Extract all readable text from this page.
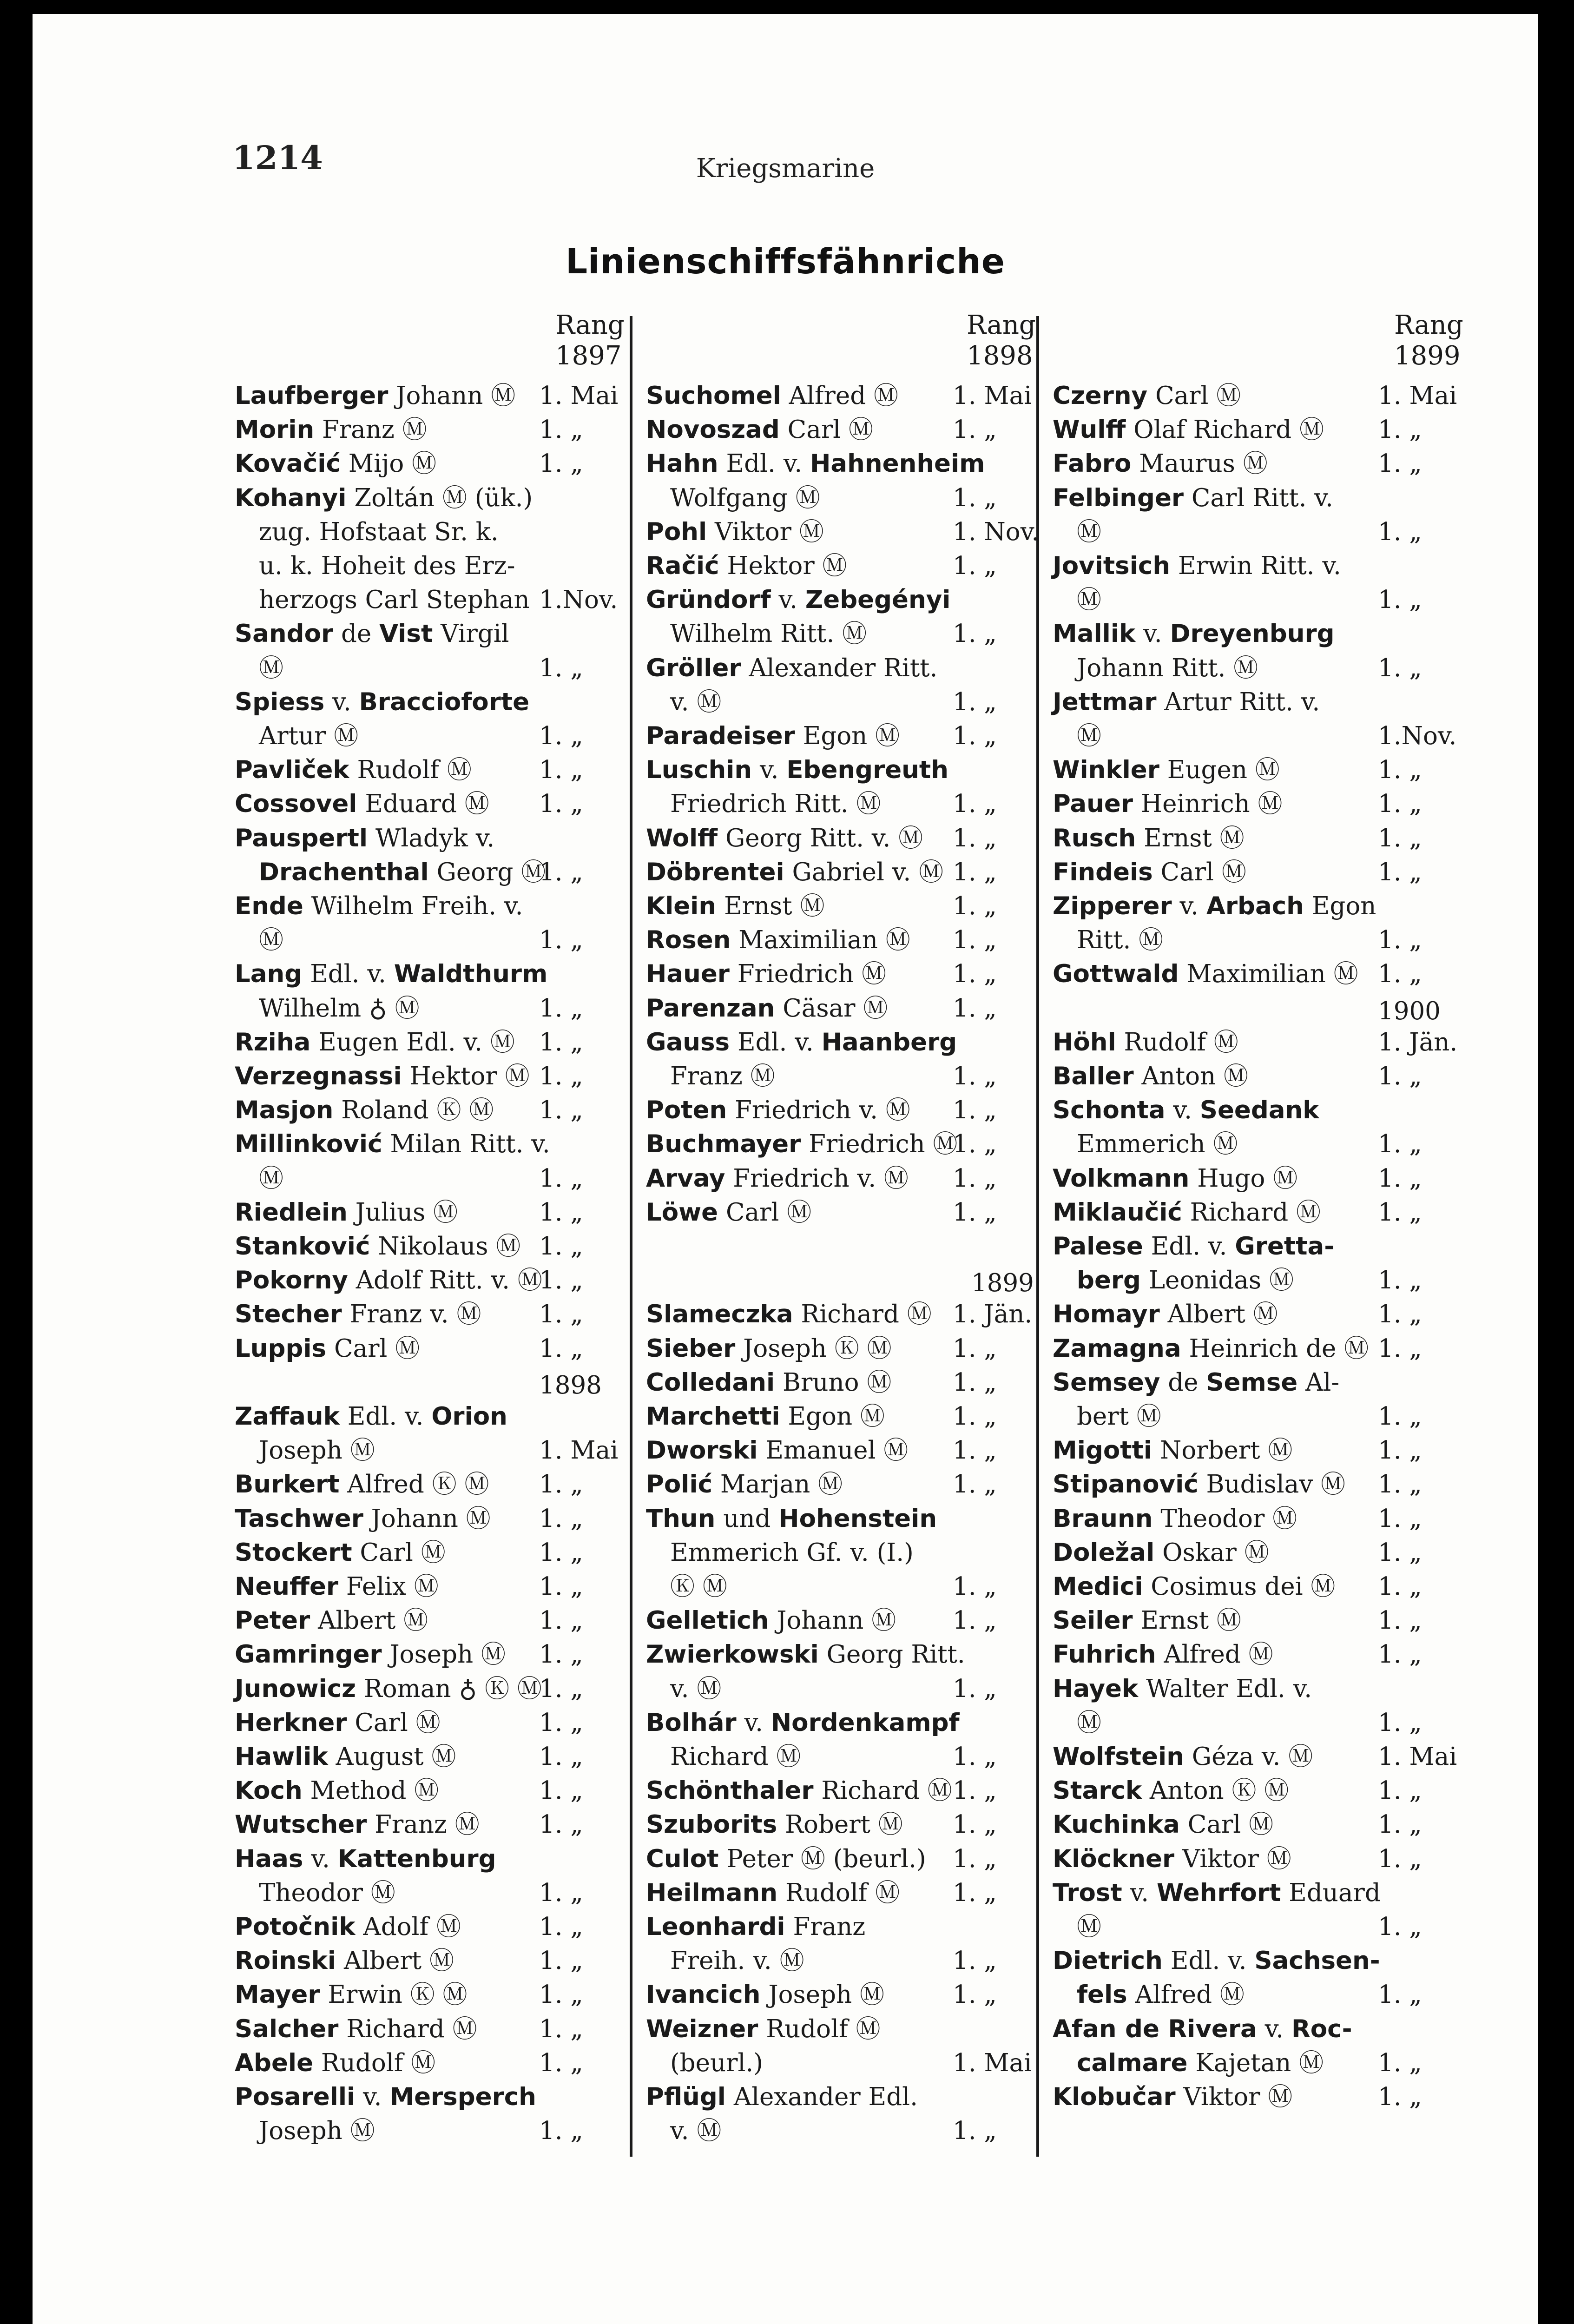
1214	Kriegsmarine
Linienschiffsfähnriche
Rang
1897
Laufberger Johann Ⓜ 1. Mai
Morin Franz Ⓜ	1. „
Kovačić Mijo Ⓜ	1. „
Kohanyi Zoltán Ⓜ (ük.)
zug. Hofstaat Sr. k.
u. k. Hoheit des Erz-
herzogs Carl Stephan 1.Nov.
Sandor de Vist Virgil
Ⓜ	1. „
Spiess v. Braccioforte
Artur Ⓜ	1. „
Pavliček Rudolf Ⓜ	1. „
Cossovel Eduard Ⓜ 1. „
Pauspertl Wladyk v.
Drachenthal Georg Ⓜ
1. „
Ende Wilhelm Freih. v.
Ⓜ	1. „
Lang Edl. v. Waldthurm
Wilhelm ♁ Ⓜ	1. „
Rziha Eugen Edl. v. Ⓜ 1. „
Verzegnassi Hektor Ⓜ 1. „
Masjon Roland Ⓚ Ⓜ 1. „
Millinković Milan Ritt. v.
Ⓜ	1. „
Riedlein Julius Ⓜ	1. „
Stanković Nikolaus Ⓜ 1. „
Pokorny Adolf Ritt. v. Ⓜ
1. „
Stecher Franz v. Ⓜ 1. „
Luppis Carl Ⓜ	1. „
1898
Zaffauk Edl. v. Orion
Joseph Ⓜ	1. Mai
Burkert Alfred Ⓚ Ⓜ 1. „
Taschwer Johann Ⓜ 1. „
Stockert Carl Ⓜ	1. „
Neuffer Felix Ⓜ	1. „
Peter Albert Ⓜ	1. „
Gamringer Joseph Ⓜ 1. „
Junowicz Roman ♁ Ⓚ Ⓜ
1. „
Herkner Carl Ⓜ	1. „
Hawlik August Ⓜ	1. „
Koch Method Ⓜ	1. „
Wutscher Franz Ⓜ 1. „
Haas v. Kattenburg
Theodor Ⓜ	1. „
Potočnik Adolf Ⓜ	1. „
Roinski Albert Ⓜ	1. „
Mayer Erwin Ⓚ Ⓜ	1. „
Salcher Richard Ⓜ	1. „
Abele Rudolf Ⓜ	1. „
Posarelli v. Mersperch
Joseph Ⓜ	1. „
Rang
1898
Suchomel Alfred Ⓜ 1. Mai
Novoszad Carl Ⓜ	1. „
Hahn Edl. v. Hahnenheim
Wolfgang Ⓜ	1. „
Pohl Viktor Ⓜ	1. Nov.
Račić Hektor Ⓜ	1. „
Gründorf v. Zebegényi
Wilhelm Ritt. Ⓜ	1. „
Gröller Alexander Ritt.
v. Ⓜ	1. „
Paradeiser Egon Ⓜ 1. „
Luschin v. Ebengreuth
Friedrich Ritt. Ⓜ	1. „
Wolff Georg Ritt. v. Ⓜ 1. „
Döbrentei Gabriel v. Ⓜ 1. „
Klein Ernst Ⓜ	1. „
Rosen Maximilian Ⓜ 1. „
Hauer Friedrich Ⓜ	1. „
Parenzan Cäsar Ⓜ	1. „
Gauss Edl. v. Haanberg
Franz Ⓜ	1. „
Poten Friedrich v. Ⓜ 1. „
Buchmayer Friedrich Ⓜ
1. „
Arvay Friedrich v. Ⓜ 1. „
Löwe Carl Ⓜ	1. „
1899
Slameczka Richard Ⓜ 1. Jän.
Sieber Joseph Ⓚ Ⓜ 1. „
Colledani Bruno Ⓜ 1. „
Marchetti Egon Ⓜ	1. „
Dworski Emanuel Ⓜ 1. „
Polić Marjan Ⓜ	1. „
Thun und Hohenstein
Emmerich Gf. v. (I.)
Ⓚ Ⓜ	1. „
Gelletich Johann Ⓜ 1. „
Zwierkowski Georg Ritt.
v. Ⓜ	1. „
Bolhár v. Nordenkampf
Richard Ⓜ	1. „
Schönthaler Richard Ⓜ 1. „
Szuborits Robert Ⓜ 1. „
Culot Peter Ⓜ (beurl.) 1. „
Heilmann Rudolf Ⓜ 1. „
Leonhardi Franz
Freih. v. Ⓜ	1. „
Ivancich Joseph Ⓜ	1. „
Weizner Rudolf Ⓜ
(beurl.)	1. Mai
Pflügl Alexander Edl.
v. Ⓜ	1. „
Rang
1899
Czerny Carl Ⓜ	1. Mai
Wulff Olaf Richard Ⓜ 1. „
Fabro Maurus Ⓜ	1. „
Felbinger Carl Ritt. v.
Ⓜ	1. „
Jovitsich Erwin Ritt. v.
Ⓜ	1. „
Mallik v. Dreyenburg
Johann Ritt. Ⓜ	1. „
Jettmar Artur Ritt. v.
Ⓜ	1.Nov.
Winkler Eugen Ⓜ	1. „
Pauer Heinrich Ⓜ	1. „
Rusch Ernst Ⓜ	1. „
Findeis Carl Ⓜ	1. „
Zipperer v. Arbach Egon
Ritt. Ⓜ	1. „
Gottwald Maximilian Ⓜ 1. „
1900
Höhl Rudolf Ⓜ	1. Jän.
Baller Anton Ⓜ	1. „
Schonta v. Seedank
Emmerich Ⓜ	1. „
Volkmann Hugo Ⓜ	1. „
Miklaučić Richard Ⓜ 1. „
Palese Edl. v. Gretta-
berg Leonidas Ⓜ	1. „
Homayr Albert Ⓜ	1. „
Zamagna Heinrich de Ⓜ 1. „
Semsey de Semse Al-
bert Ⓜ	1. „
Migotti Norbert Ⓜ	1. „
Stipanović Budislav Ⓜ 1. „
Braunn Theodor Ⓜ	1. „
Doležal Oskar Ⓜ	1. „
Medici Cosimus dei Ⓜ 1. „
Seiler Ernst Ⓜ	1. „
Fuhrich Alfred Ⓜ	1. „
Hayek Walter Edl. v.
Ⓜ	1. „
Wolfstein Géza v. Ⓜ	1. Mai
Starck Anton Ⓚ Ⓜ	1. „
Kuchinka Carl Ⓜ	1. „
Klöckner Viktor Ⓜ	1. „
Trost v. Wehrfort Eduard
Ⓜ	1. „
Dietrich Edl. v. Sachsen-
fels Alfred Ⓜ	1. „
Afan de Rivera v. Roc-
calmare Kajetan Ⓜ 1. „
Klobučar Viktor Ⓜ	1. „
